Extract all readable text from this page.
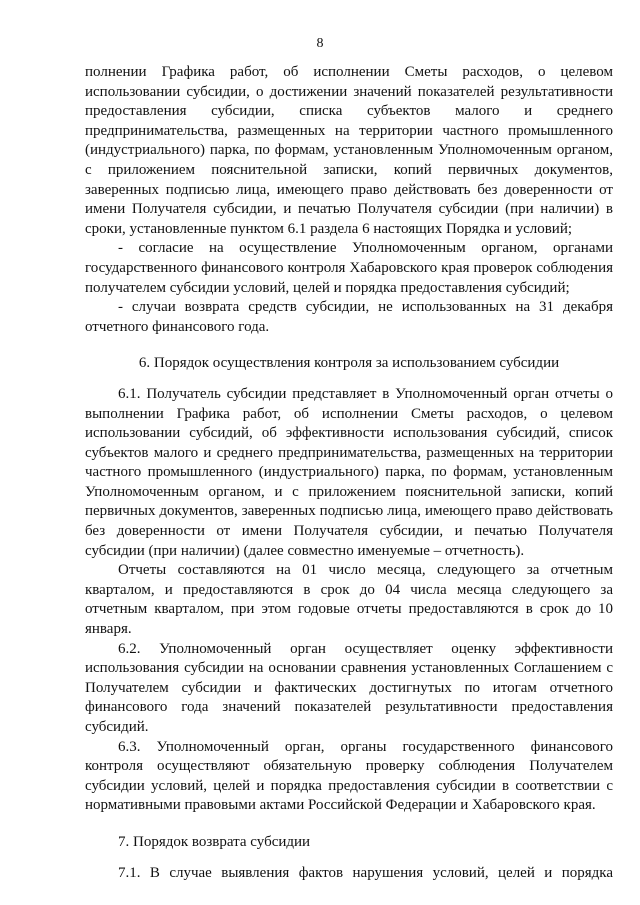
8

полнении Графика работ, об исполнении Сметы расходов, о целевом использовании субсидии, о достижении значений показателей результативности предоставления субсидии, списка субъектов малого и среднего предпринимательства, размещенных на территории частного промышленного (индустриального) парка, по формам, установленным Уполномоченным органом, с приложением пояснительной записки, копий первичных документов, заверенных подписью лица, имеющего право действовать без доверенности от имени Получателя субсидии, и печатью Получателя субсидии (при наличии) в сроки, установленные пунктом 6.1 раздела 6 настоящих Порядка и условий;

- согласие на осуществление Уполномоченным органом, органами государственного финансового контроля Хабаровского края проверок соблюдения получателем субсидии условий, целей и порядка предоставления субсидий;

- случаи возврата средств субсидии, не использованных на 31 декабря отчетного финансового года.

6. Порядок осуществления контроля за использованием субсидии

6.1. Получатель субсидии представляет в Уполномоченный орган отчеты о выполнении Графика работ, об исполнении Сметы расходов, о целевом использовании субсидий, об эффективности использования субсидий, список субъектов малого и среднего предпринимательства, размещенных на территории частного промышленного (индустриального) парка, по формам, установленным Уполномоченным органом, и с приложением пояснительной записки, копий первичных документов, заверенных подписью лица, имеющего право действовать без доверенности от имени Получателя субсидии, и печатью Получателя субсидии (при наличии) (далее совместно именуемые – отчетность).

Отчеты составляются на 01 число месяца, следующего за отчетным кварталом, и предоставляются в срок до 04 числа месяца следующего за отчетным кварталом, при этом годовые отчеты предоставляются в срок до 10 января.

6.2. Уполномоченный орган осуществляет оценку эффективности использования субсидии на основании сравнения установленных Соглашением с Получателем субсидии и фактических достигнутых по итогам отчетного финансового года значений показателей результативности предоставления субсидий.

6.3. Уполномоченный орган, органы государственного финансового контроля осуществляют обязательную проверку соблюдения Получателем субсидии условий, целей и порядка предоставления субсидии в соответствии с нормативными правовыми актами Российской Федерации и Хабаровского края.

7. Порядок возврата субсидии

7.1. В случае выявления фактов нарушения условий, целей и порядка
